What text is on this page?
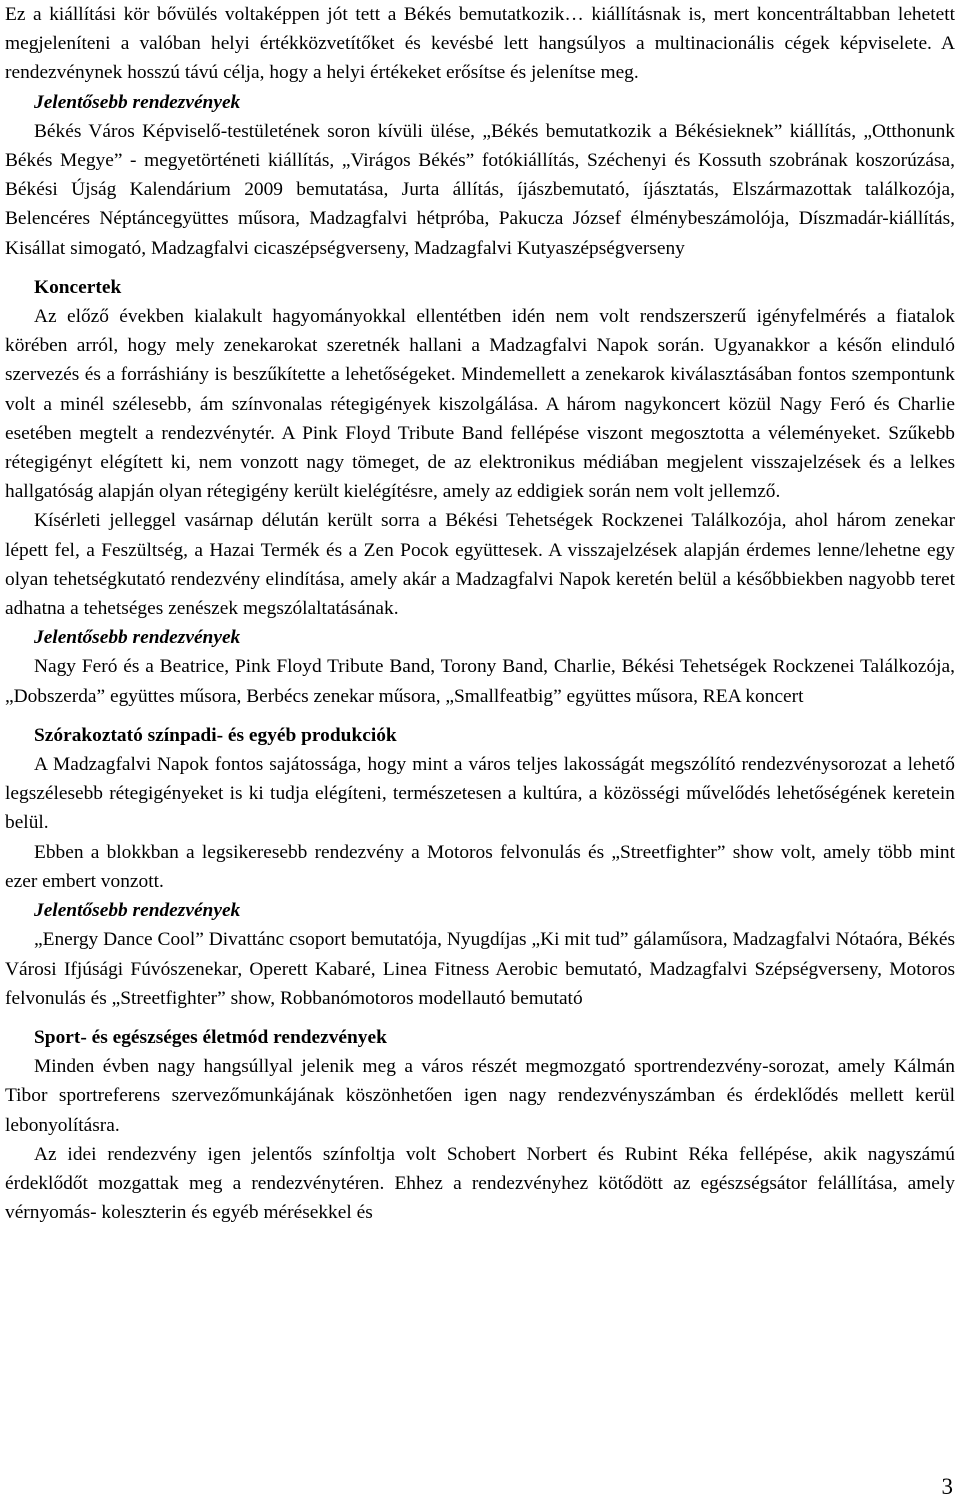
Ez a kiállítási kör bővülés voltaképpen jót tett a Békés bemutatkozik… kiállításnak is, mert koncentráltabban lehetett megjeleníteni a valóban helyi értékközvetítőket és kevésbé lett hangsúlyos a multinacionális cégek képviselete. A rendezvénynek hosszú távú célja, hogy a helyi értékeket erősítse és jelenítse meg.

Jelentősebb rendezvények

Békés Város Képviselő-testületének soron kívüli ülése, „Békés bemutatkozik a Békésieknek” kiállítás, „Otthonunk Békés Megye” - megyetörténeti kiállítás, „Virágos Békés” fotókiállítás, Széchenyi és Kossuth szobrának koszorúzása, Békési Újság Kalendárium 2009 bemutatása, Jurta állítás, íjászbemutató, íjásztatás, Elszármazottak találkozója, Belencéres Néptáncegyüttes műsora, Madzagfalvi hétpróba, Pakucza József élménybeszámolója, Díszmadár-kiállítás, Kisállat simogató, Madzagfalvi cicaszépségverseny, Madzagfalvi Kutyaszépségverseny

Koncertek

Az előző években kialakult hagyományokkal ellentétben idén nem volt rendszerszerű igényfelmérés a fiatalok körében arról, hogy mely zenekarokat szeretnék hallani a Madzagfalvi Napok során. Ugyanakkor a későn elinduló szervezés és a forráshiány is beszűkítette a lehetőségeket. Mindemellett a zenekarok kiválasztásában fontos szempontunk volt a minél szélesebb, ám színvonalas rétegigények kiszolgálása. A három nagykoncert közül Nagy Feró és Charlie esetében megtelt a rendezvénytér. A Pink Floyd Tribute Band fellépése viszont megosztotta a véleményeket. Szűkebb rétegigényt elégített ki, nem vonzott nagy tömeget, de az elektronikus médiában megjelent visszajelzések és a lelkes hallgatóság alapján olyan rétegigény került kielégítésre, amely az eddigiek során nem volt jellemző.

Kísérleti jelleggel vasárnap délután került sorra a Békési Tehetségek Rockzenei Találkozója, ahol három zenekar lépett fel, a Feszültség, a Hazai Termék és a Zen Pocok együttesek. A visszajelzések alapján érdemes lenne/lehetne egy olyan tehetségkutató rendezvény elindítása, amely akár a Madzagfalvi Napok keretén belül a későbbiekben nagyobb teret adhatna a tehetséges zenészek megszólaltatásának.

Jelentősebb rendezvények

Nagy Feró és a Beatrice, Pink Floyd Tribute Band, Torony Band, Charlie, Békési Tehetségek Rockzenei Találkozója, „Dobszerda” együttes műsora, Berbécs zenekar műsora, „Smallfeatbig” együttes műsora, REA koncert

Szórakoztató színpadi- és egyéb produkciók

A Madzagfalvi Napok fontos sajátossága, hogy mint a város teljes lakosságát megszólító rendezvénysorozat a lehető legszélesebb rétegigényeket is ki tudja elégíteni, természetesen a kultúra, a közösségi művelődés lehetőségének keretein belül.

Ebben a blokkban a legsikeresebb rendezvény a Motoros felvonulás és „Streetfighter” show volt, amely több mint ezer embert vonzott.

Jelentősebb rendezvények

„Energy Dance Cool” Divattánc csoport bemutatója, Nyugdíjas „Ki mit tud” gálaműsora, Madzagfalvi Nótaóra, Békés Városi Ifjúsági Fúvószenekar, Operett Kabaré, Linea Fitness Aerobic bemutató, Madzagfalvi Szépségverseny, Motoros felvonulás és „Streetfighter” show, Robbanómotoros modellautó bemutató

Sport- és egészséges életmód rendezvények

Minden évben nagy hangsúllyal jelenik meg a város részét megmozgató sportrendezvény-sorozat, amely Kálmán Tibor sportreferens szervezőmunkájának köszönhetően igen nagy rendezvényszámban és érdeklődés mellett kerül lebonyolításra.

Az idei rendezvény igen jelentős színfoltja volt Schobert Norbert és Rubint Réka fellépése, akik nagyszámú érdeklődőt mozgattak meg a rendezvénytéren. Ehhez a rendezvényhez kötődött az egészségsátor felállítása, amely vérnyomás- koleszterin és egyéb mérésekkel és

3
